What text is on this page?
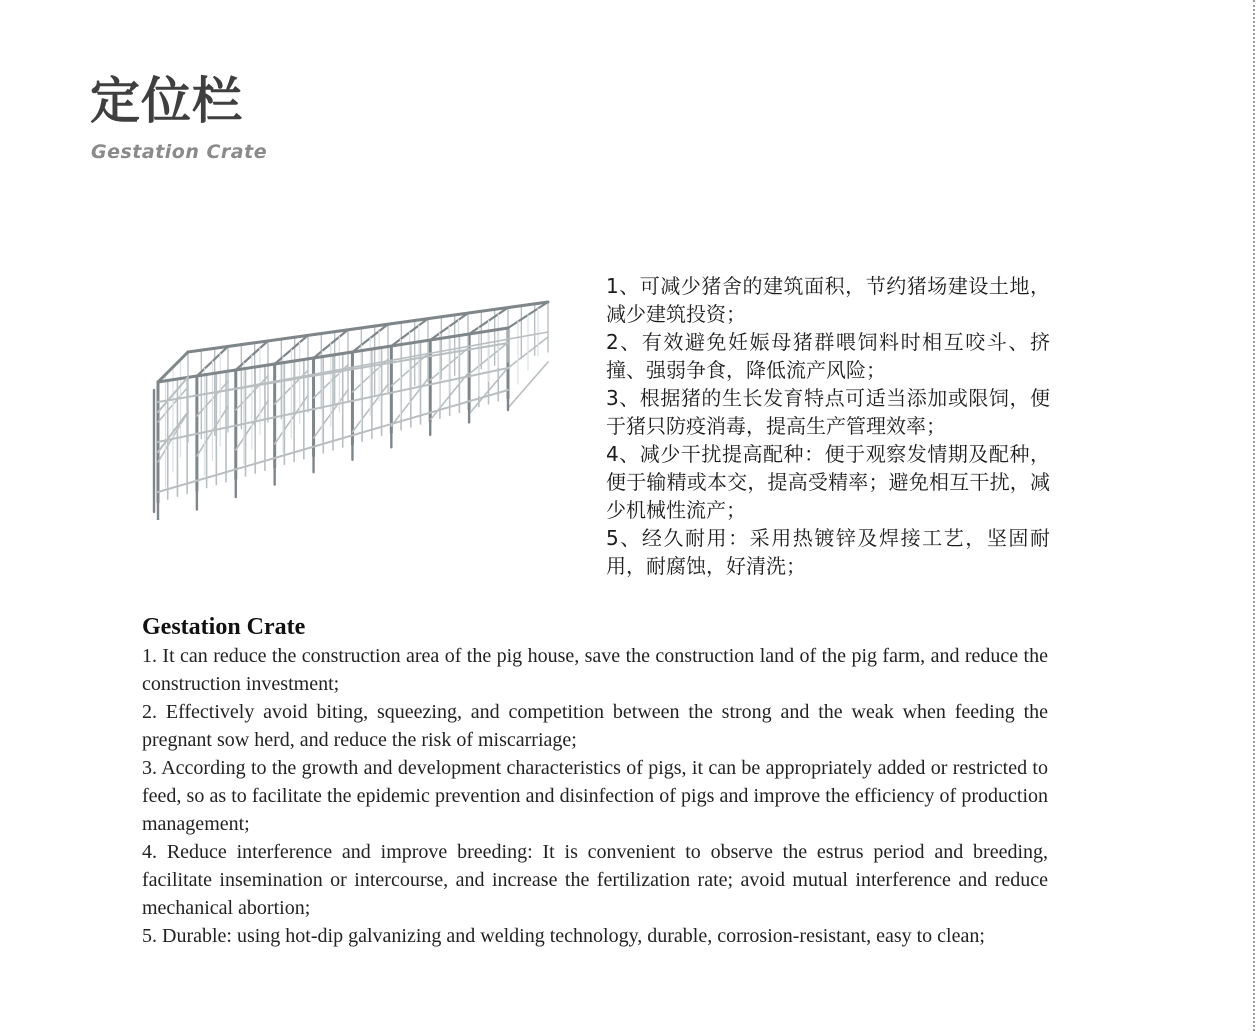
定位栏
Gestation Crate
1、可减少猪舍的建筑面积，节约猪场建设土地，减少建筑投资；
2、有效避免妊娠母猪群喂饲料时相互咬斗、挤撞、强弱争食，降低流产风险；
3、根据猪的生长发育特点可适当添加或限饲，便于猪只防疫消毒，提高生产管理效率；
4、减少干扰提高配种：便于观察发情期及配种，便于输精或本交，提高受精率；避免相互干扰，减少机械性流产；
5、经久耐用：采用热镀锌及焊接工艺，坚固耐用，耐腐蚀，好清洗；
Gestation Crate
1. It can reduce the construction area of the pig house, save the construction land of the pig farm, and reduce the construction investment;
2. Effectively avoid biting, squeezing, and competition between the strong and the weak when feeding the pregnant sow herd, and reduce the risk of miscarriage;
3. According to the growth and development characteristics of pigs, it can be appropriately added or restricted to feed, so as to facilitate the epidemic prevention and disinfection of pigs and improve the efficiency of production management;
4. Reduce interference and improve breeding: It is convenient to observe the estrus period and breeding, facilitate insemination or intercourse, and increase the fertilization rate; avoid mutual interference and reduce mechanical abortion;
5. Durable: using hot-dip galvanizing and welding technology, durable, corrosion-resistant, easy to clean;
